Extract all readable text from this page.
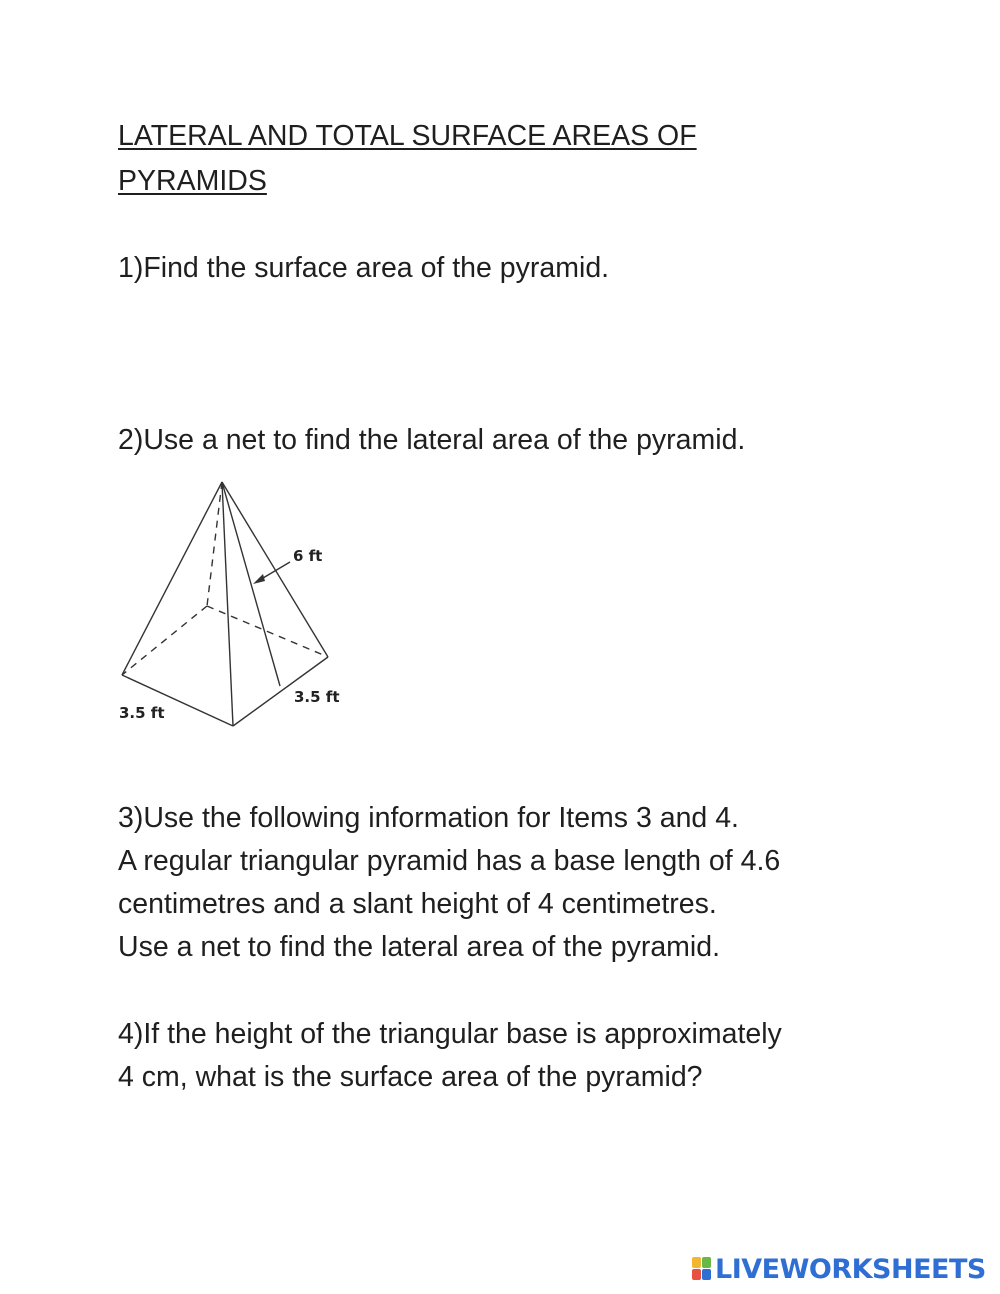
LATERAL AND TOTAL SURFACE AREAS OF

PYRAMIDS

1)Find the surface area of the pyramid.

2)Use a net to find the lateral area of the pyramid.

6 ft
3.5 ft
3.5 ft

3)Use the following information for Items 3 and 4.

A regular triangular pyramid has a base length of 4.6

centimetres and a slant height of 4 centimetres.

Use a net to find the lateral area of the pyramid.

4)If the height of the triangular base is approximately

4 cm, what is the surface area of the pyramid?

LIVEWORKSHEETS
